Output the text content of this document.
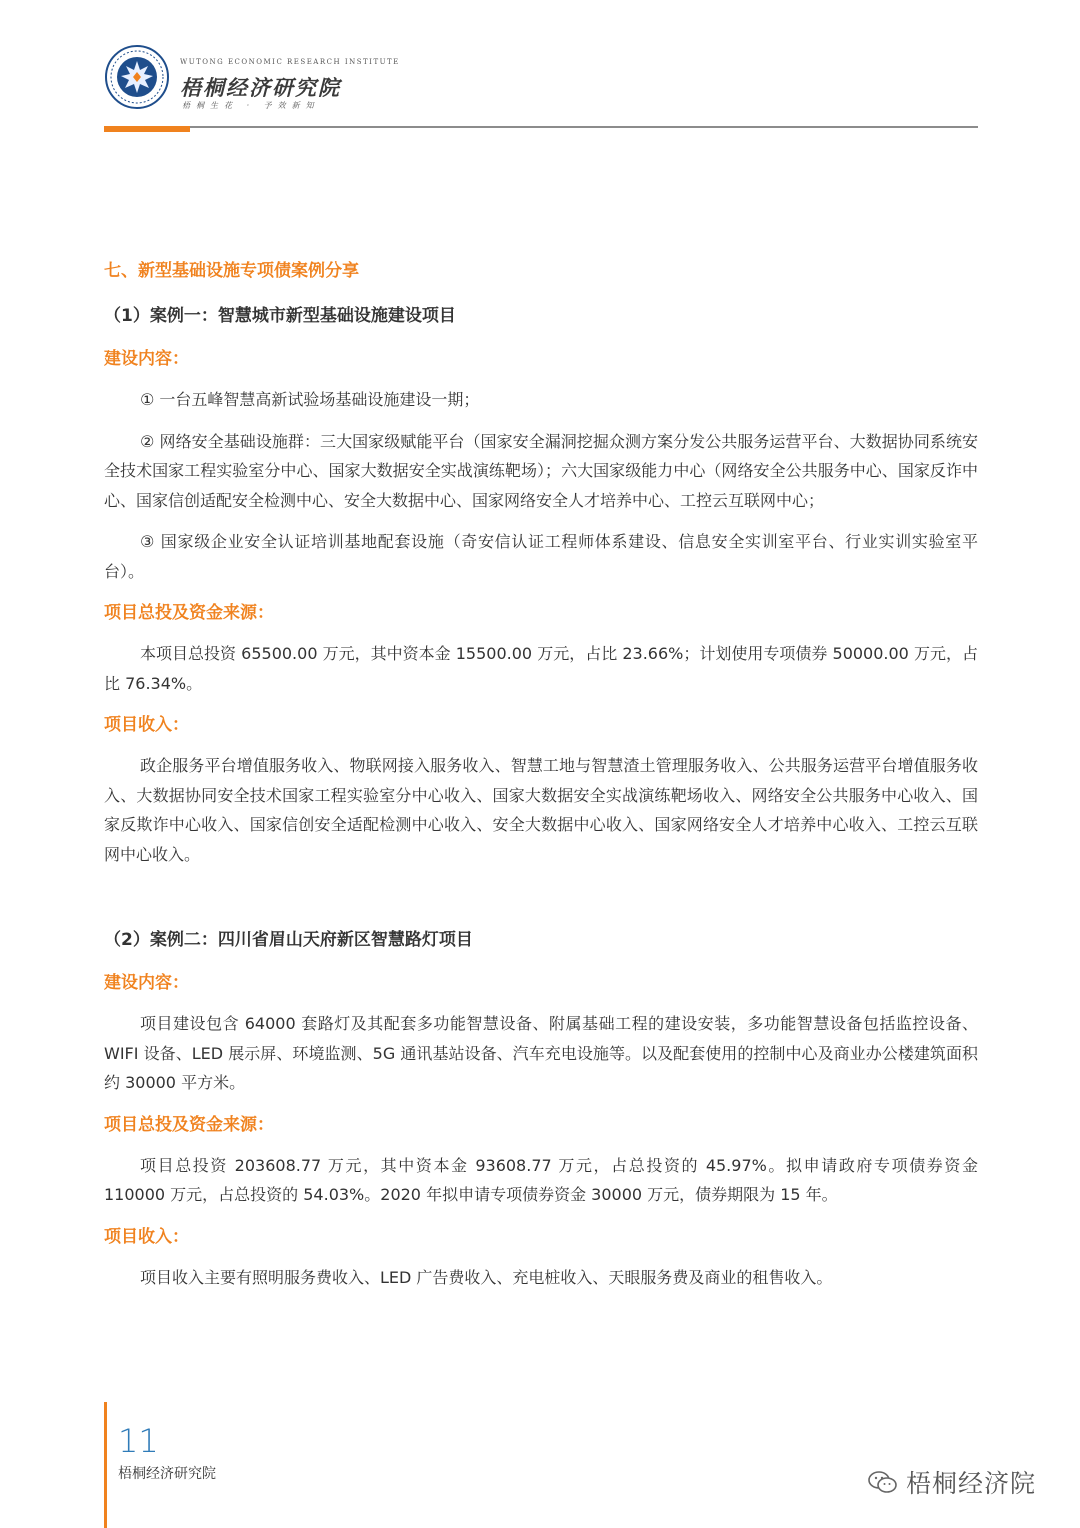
WUTONG ECONOMIC RESEARCH INSTITUTE
梧桐经济研究院
梧桐生花 · 予效新知
七、新型基础设施专项债案例分享
（1）案例一：智慧城市新型基础设施建设项目
建设内容：

① 一台五峰智慧高新试验场基础设施建设一期；

② 网络安全基础设施群：三大国家级赋能平台（国家安全漏洞挖掘众测方案分发公共服务运营平台、大数据协同系统安全技术国家工程实验室分中心、国家大数据安全实战演练靶场）；六大国家级能力中心（网络安全公共服务中心、国家反诈中心、国家信创适配安全检测中心、安全大数据中心、国家网络安全人才培养中心、工控云互联网中心；

③ 国家级企业安全认证培训基地配套设施（奇安信认证工程师体系建设、信息安全实训室平台、行业实训实验室平台）。

项目总投及资金来源：

本项目总投资 65500.00 万元，其中资本金 15500.00 万元，占比 23.66%；计划使用专项债券 50000.00 万元，占比 76.34%。

项目收入：

政企服务平台增值服务收入、物联网接入服务收入、智慧工地与智慧渣土管理服务收入、公共服务运营平台增值服务收入、大数据协同安全技术国家工程实验室分中心收入、国家大数据安全实战演练靶场收入、网络安全公共服务中心收入、国家反欺诈中心收入、国家信创安全适配检测中心收入、安全大数据中心收入、国家网络安全人才培养中心收入、工控云互联网中心收入。

（2）案例二：四川省眉山天府新区智慧路灯项目
建设内容：

项目建设包含 64000 套路灯及其配套多功能智慧设备、附属基础工程的建设安装，多功能智慧设备包括监控设备、WIFI 设备、LED 展示屏、环境监测、5G 通讯基站设备、汽车充电设施等。以及配套使用的控制中心及商业办公楼建筑面积约 30000 平方米。

项目总投及资金来源：

项目总投资 203608.77 万元，其中资本金 93608.77 万元，占总投资的 45.97%。拟申请政府专项债券资金 110000 万元，占总投资的 54.03%。2020 年拟申请专项债券资金 30000 万元，债券期限为 15 年。

项目收入：

项目收入主要有照明服务费收入、LED 广告费收入、充电桩收入、天眼服务费及商业的租售收入。

11
梧桐经济研究院	梧桐经济院
